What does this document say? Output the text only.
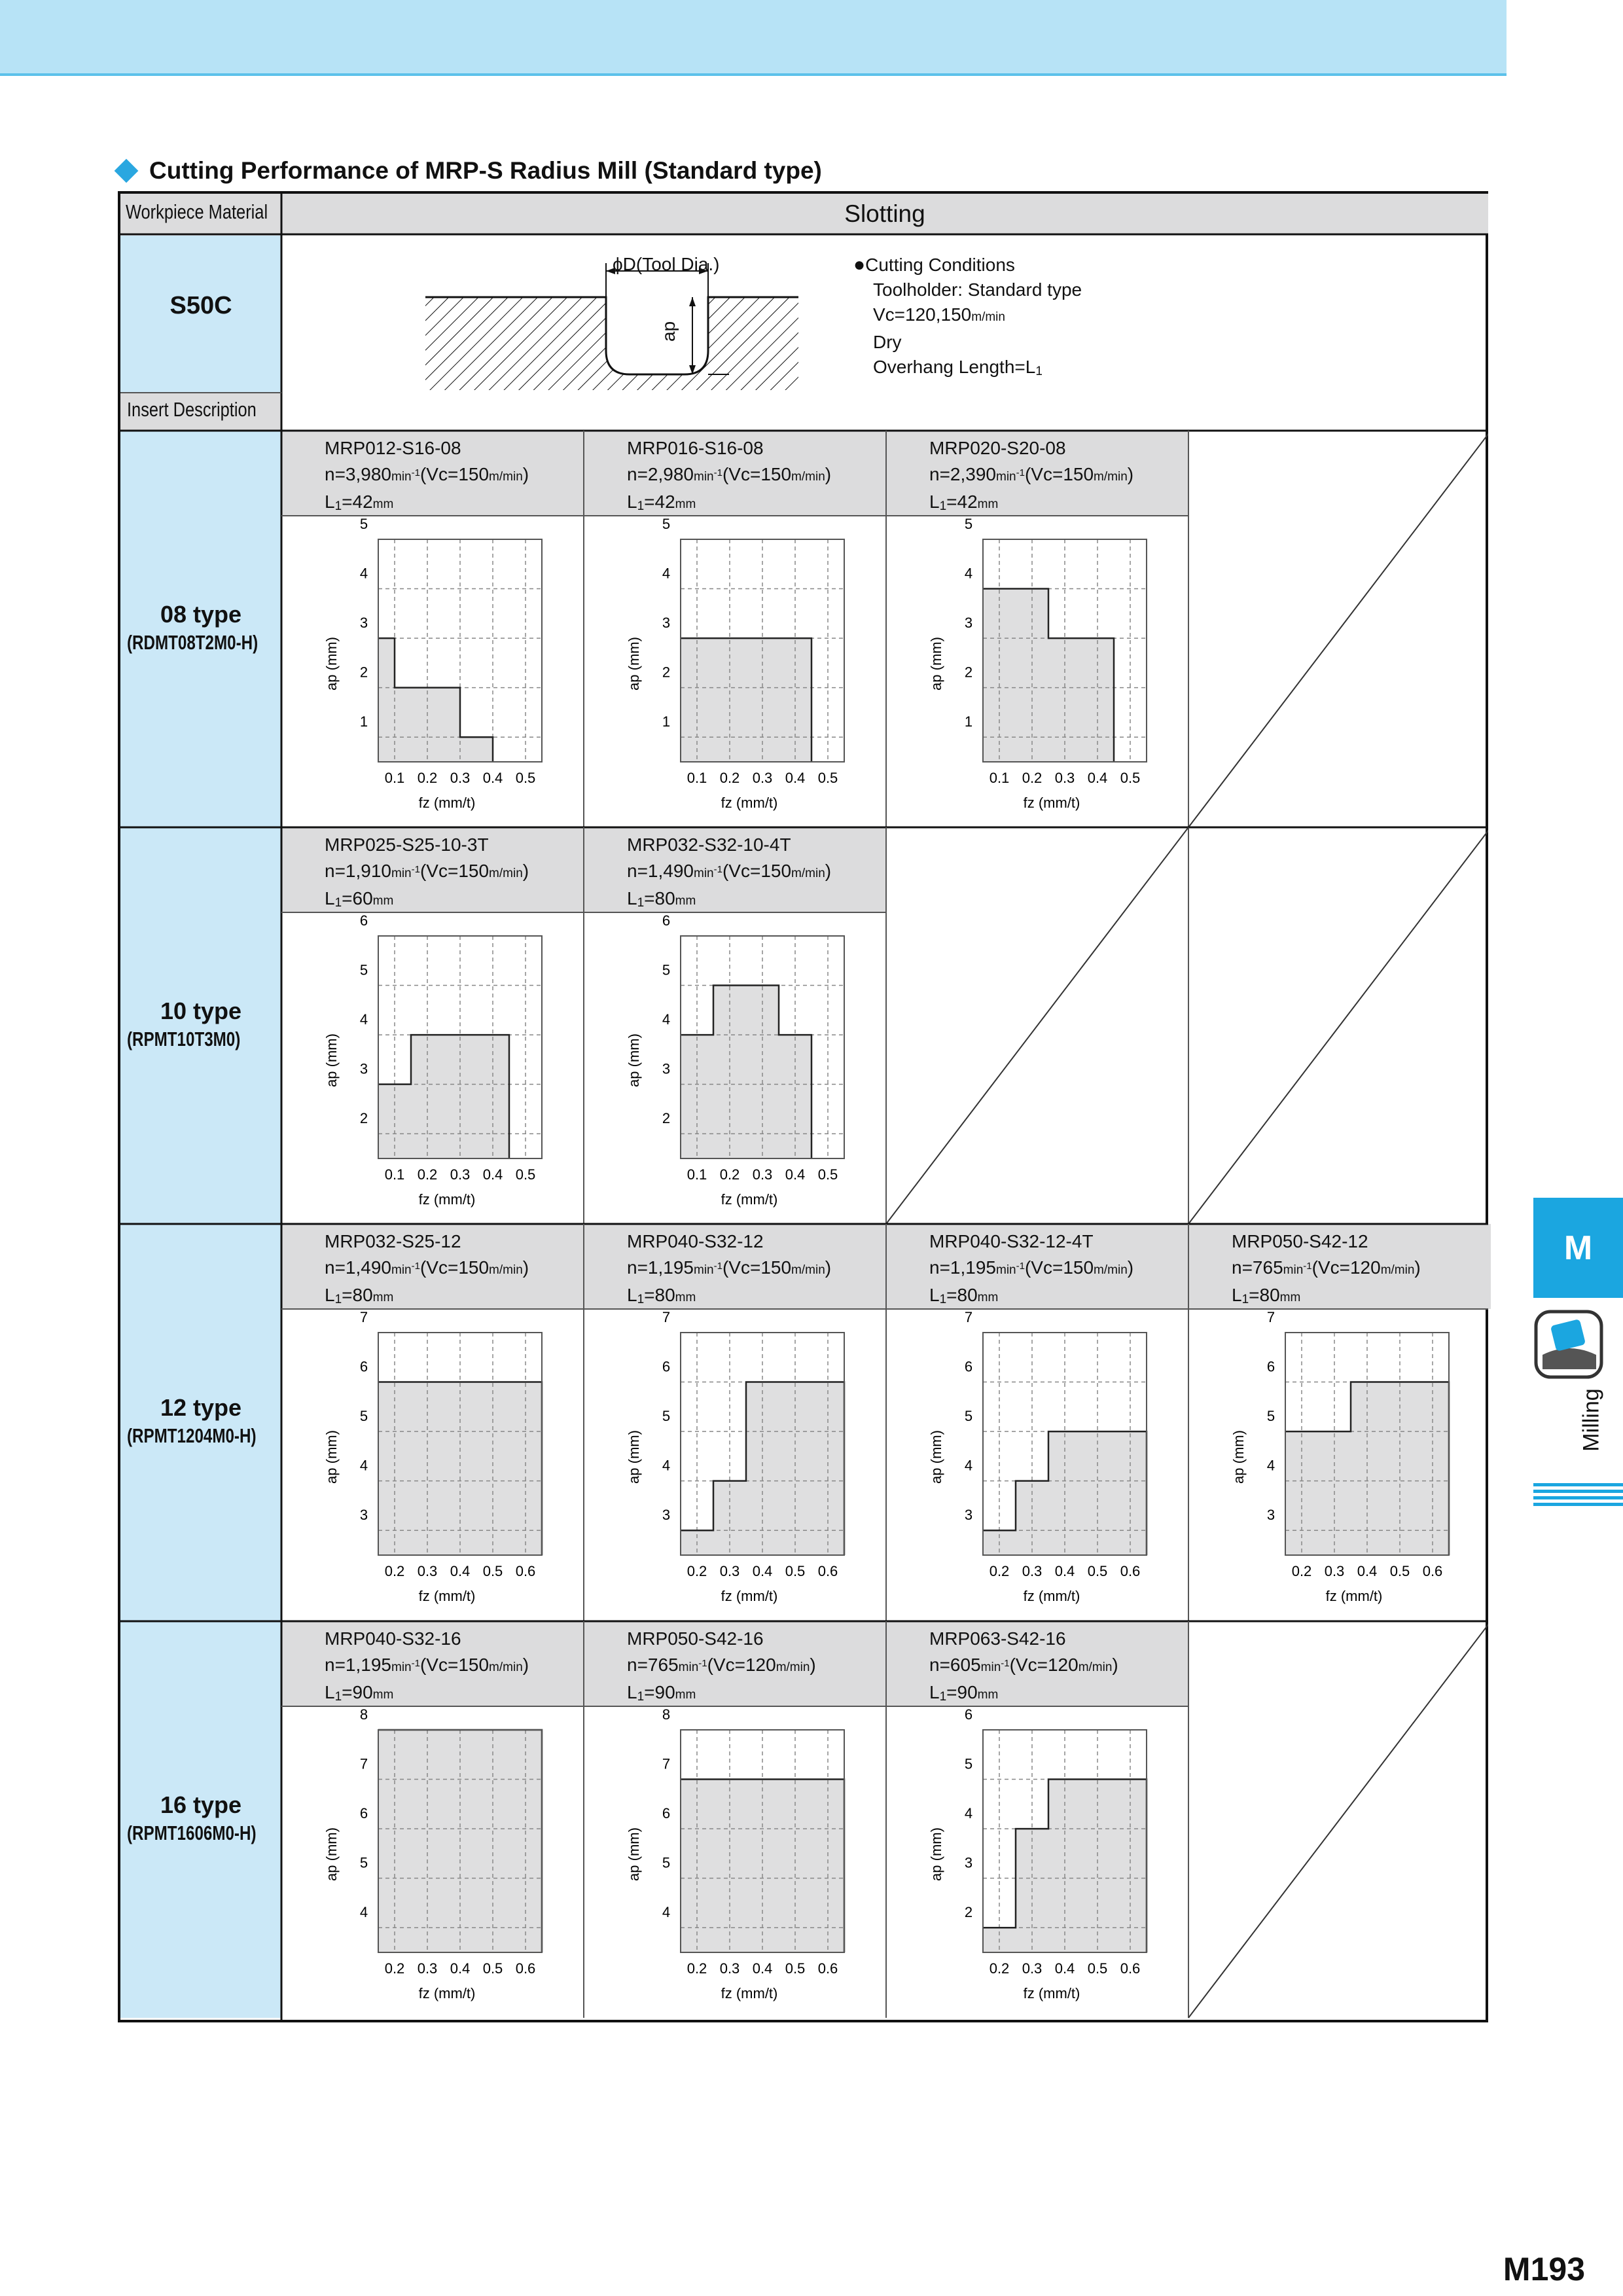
Cutting Performance of MRP-S Radius Mill (Standard type)
Workpiece Material	Slotting
S50C
Insert Description
ϕD(Tool Dia.)
ap
●Cutting Conditions
Toolholder: Standard type
Vc=120,150m/min
Dry
Overhang Length=L1
08 type
(RDMT08T2M0-H)
10 type
(RPMT10T3M0)
12 type
(RPMT1204M0-H)
16 type
(RPMT1606M0-H)
MRP012-S16-08
$n=3,980\min^{-1}(Vc=150m/\min)$
L1=42mm
0.1 0.2 0.3 0.4 0.5
1
2
3
4
5
fz (mm/t)
ap (mm)
MRP016-S16-08
$n=2,980\min^{-1}(Vc=150m/\min)$
L1=42mm
0.1 0.2 0.3 0.4 0.5
1
2
3
4
5
fz (mm/t)
ap (mm)
MRP020-S20-08
$n=2,390\min^{-1}(Vc=150m/\min)$
L1=42mm
0.1 0.2 0.3 0.4 0.5
1
2
3
4
5
fz (mm/t)
ap (mm)
MRP025-S25-10-3T
$n=1,910\min^{-1}(Vc=150m/\min)$
L1=60mm
0.1 0.2 0.3 0.4 0.5
2
3
4
5
6
fz (mm/t)
ap (mm)
MRP032-S32-10-4T
$n=1,490\min^{-1}(Vc=150m/\min)$
L1=80mm
0.1 0.2 0.3 0.4 0.5
2
3
4
5
6
fz (mm/t)
ap (mm)
MRP032-S25-12
$n=1,490\min^{-1}(Vc=150m/\min)$
L1=80mm
0.2 0.3 0.4 0.5 0.6
3
4
5
6
7
fz (mm/t)
ap (mm)
MRP040-S32-12
$n=1,195\min^{-1}(Vc=150m/\min)$
L1=80mm
0.2 0.3 0.4 0.5 0.6
3
4
5
6
7
fz (mm/t)
ap (mm)
MRP040-S32-12-4T
$n=1,195\min^{-1}(Vc=150m/\min)$
L1=80mm
0.2 0.3 0.4 0.5 0.6
3
4
5
6
7
fz (mm/t)
ap (mm)
MRP050-S42-12
$n=765\min^{-1}(Vc=120m/\min)$
L1=80mm
0.2 0.3 0.4 0.5 0.6
3
4
5
6
7
fz (mm/t)
ap (mm)
MRP040-S32-16
$n=1,195\min^{-1}(Vc=150m/\min)$
L1=90mm
0.2 0.3 0.4 0.5 0.6
4
5
6
7
8
fz (mm/t)
ap (mm)
MRP050-S42-16
$n=765\min^{-1}(Vc=120m/\min)$
L1=90mm
0.2 0.3 0.4 0.5 0.6
4
5
6
7
8
fz (mm/t)
ap (mm)
MRP063-S42-16
$n=605\min^{-1}(Vc=120m/\min)$
L1=90mm
0.2 0.3 0.4 0.5 0.6
2
3
4
5
6
fz (mm/t)
ap (mm)
M
Milling
M193
